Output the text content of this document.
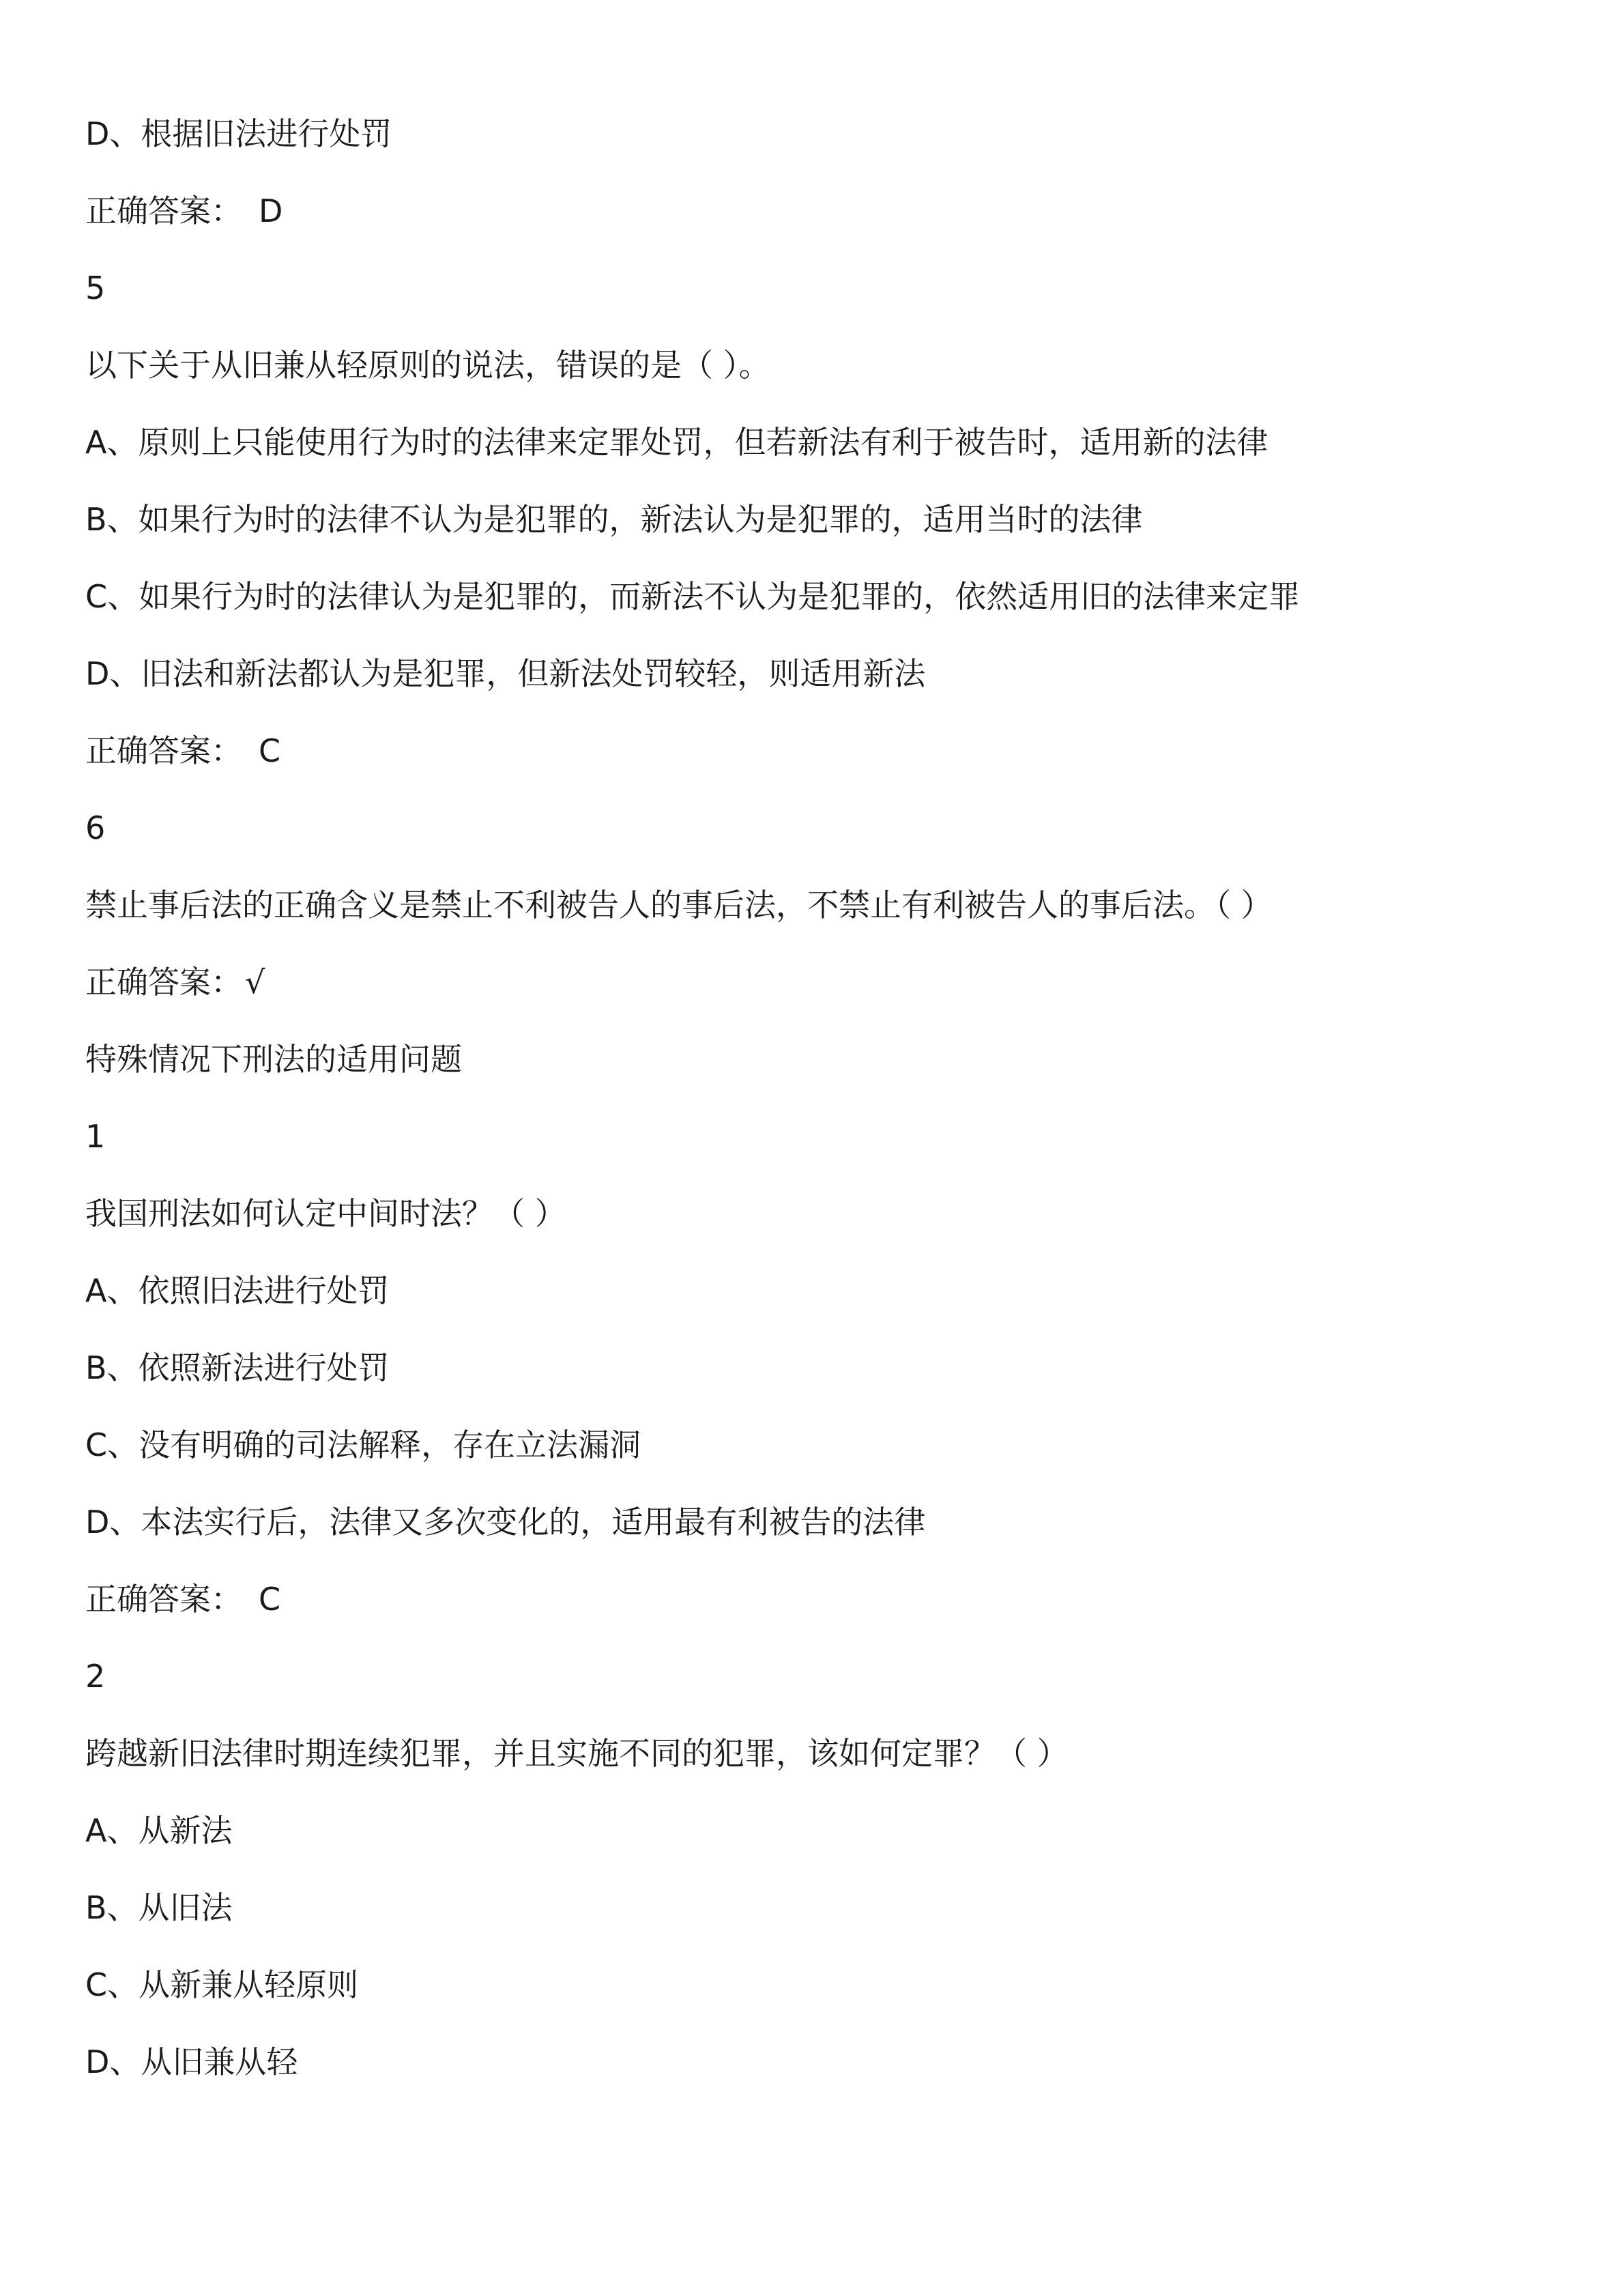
D、根据旧法进行处罚
正确答案： D
5
以下关于从旧兼从轻原则的说法，错误的是（ ）。
A、原则上只能使用行为时的法律来定罪处罚，但若新法有利于被告时，适用新的法律
B、如果行为时的法律不认为是犯罪的，新法认为是犯罪的，适用当时的法律
C、如果行为时的法律认为是犯罪的，而新法不认为是犯罪的，依然适用旧的法律来定罪
D、旧法和新法都认为是犯罪，但新法处罚较轻，则适用新法
正确答案： C
6
禁止事后法的正确含义是禁止不利被告人的事后法，不禁止有利被告人的事后法。（ ）
正确答案：√
特殊情况下刑法的适用问题
1
我国刑法如何认定中间时法？（ ）
A、依照旧法进行处罚
B、依照新法进行处罚
C、没有明确的司法解释，存在立法漏洞
D、本法实行后，法律又多次变化的，适用最有利被告的法律
正确答案： C
2
跨越新旧法律时期连续犯罪，并且实施不同的犯罪，该如何定罪？（ ）
A、从新法
B、从旧法
C、从新兼从轻原则
D、从旧兼从轻
